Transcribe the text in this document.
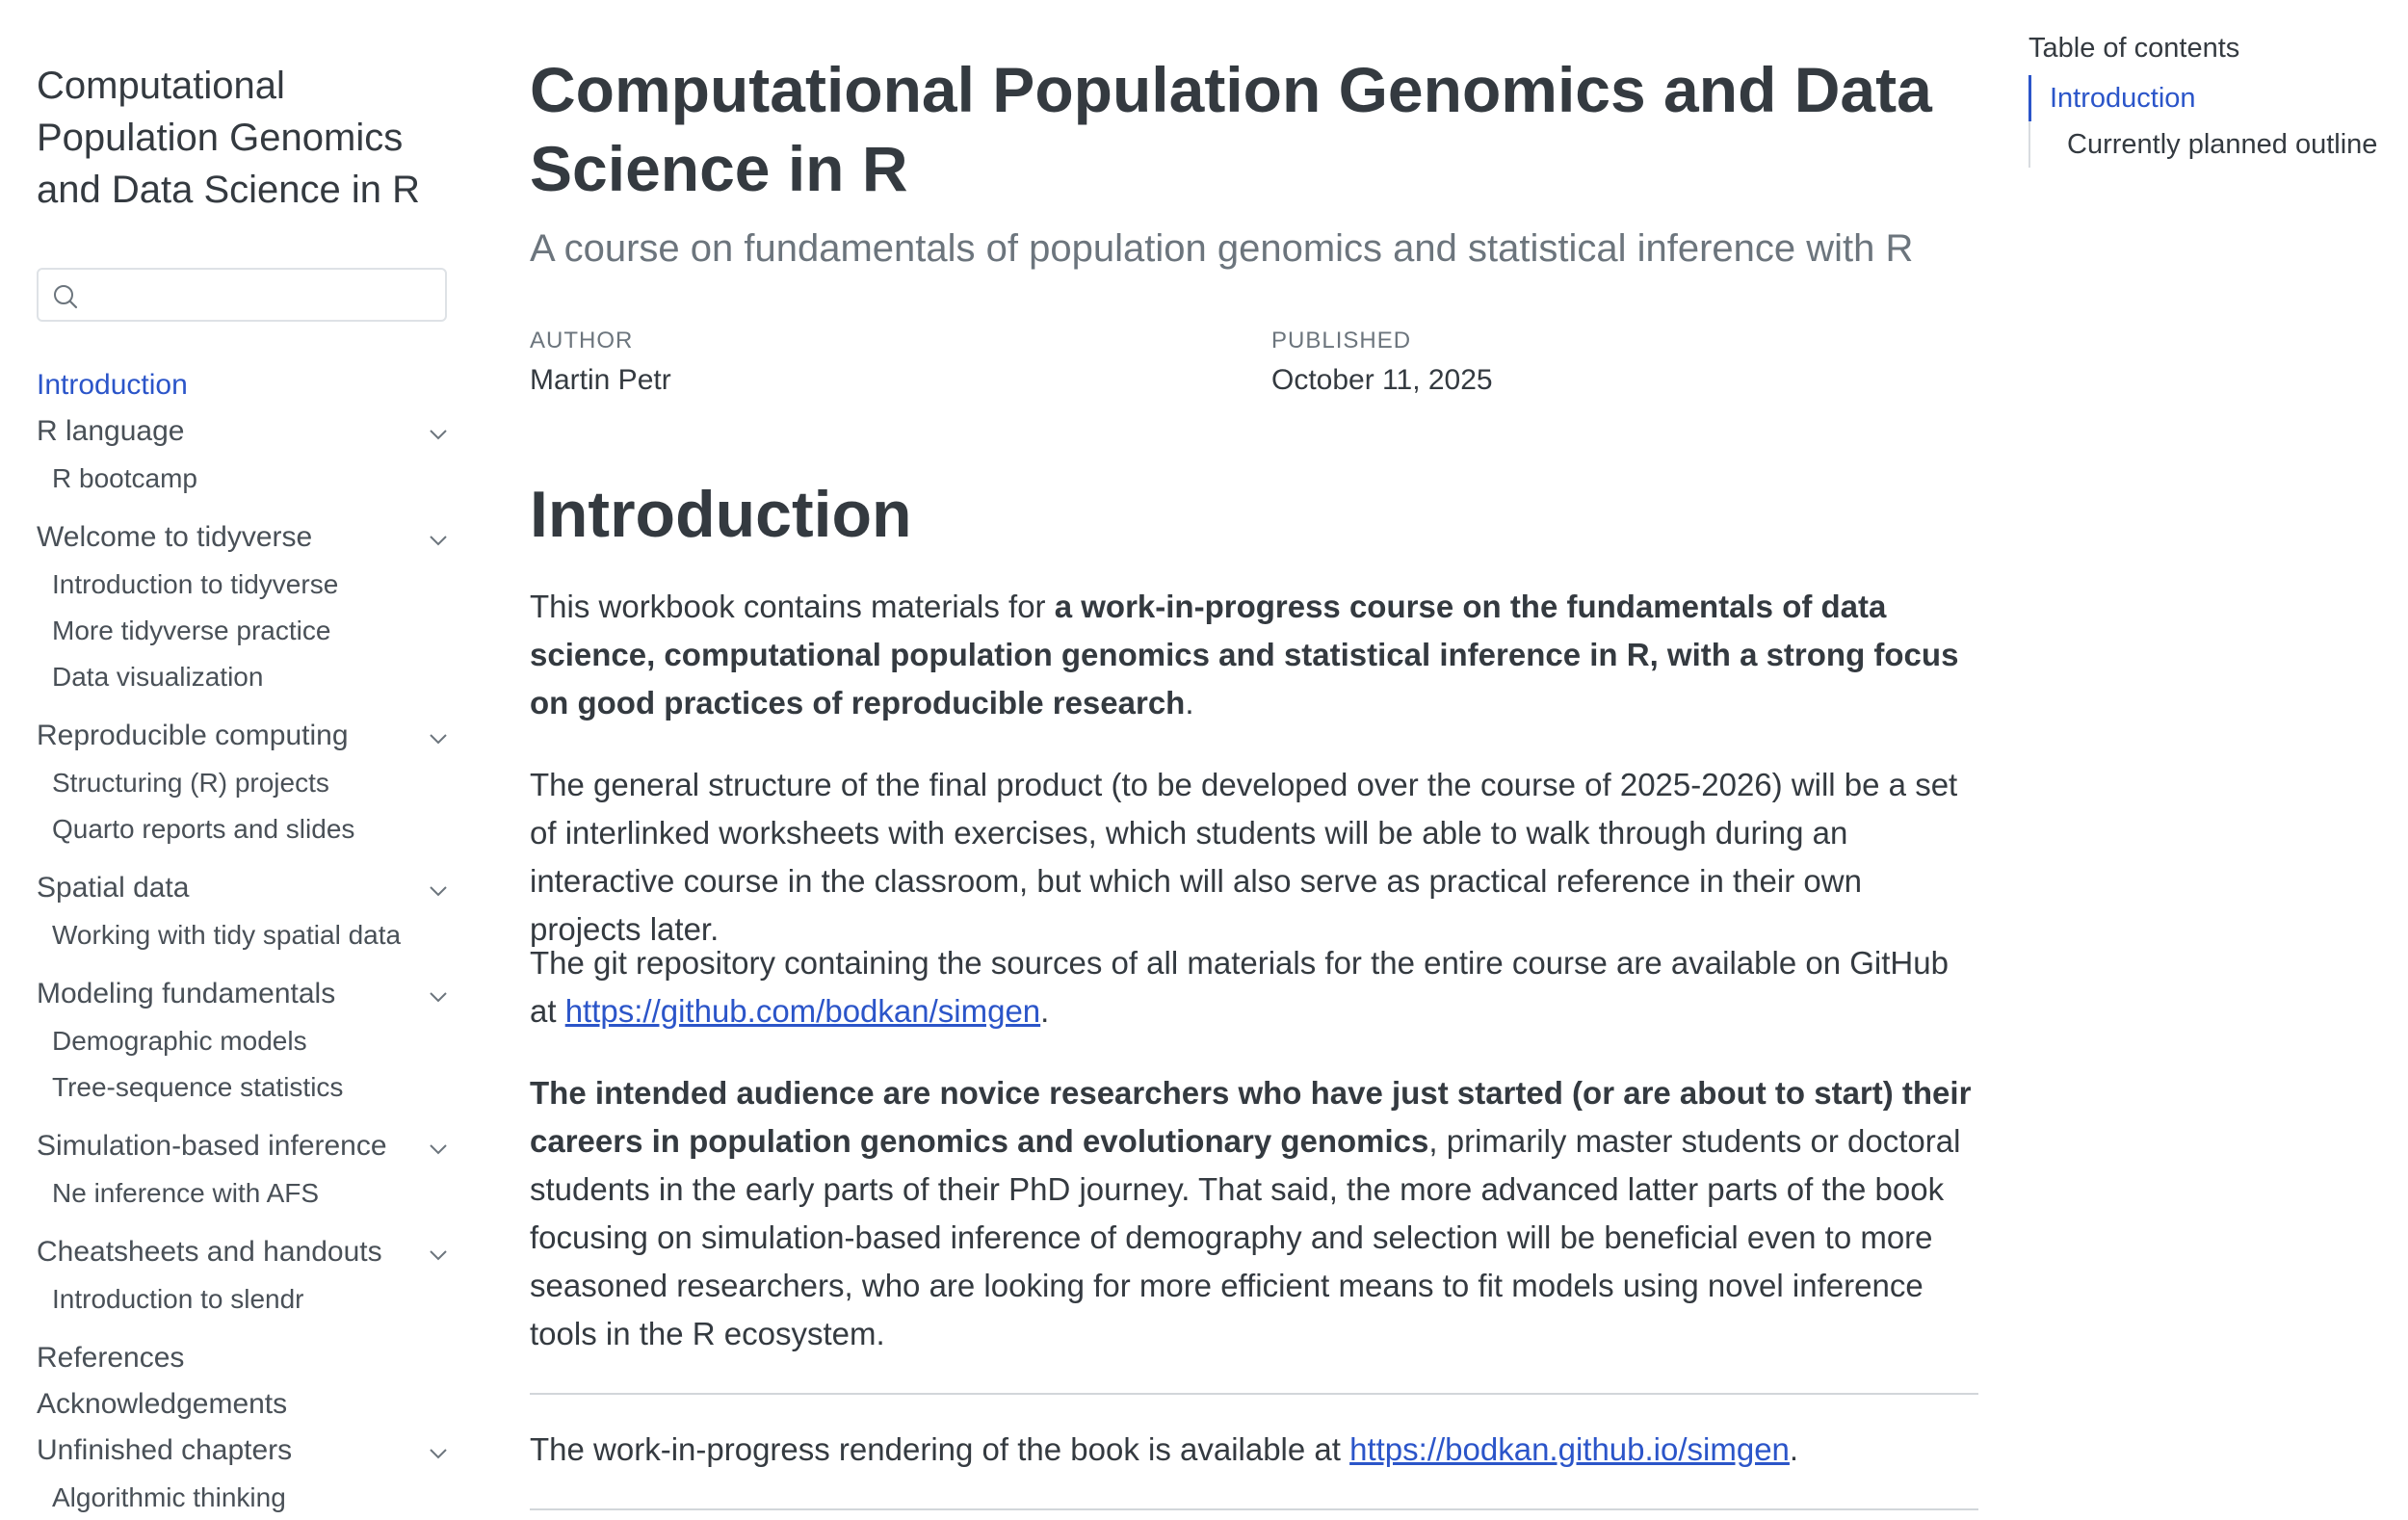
Computational Population Genomics and Data Science in R
Introduction
R language
R bootcamp
Welcome to tidyverse
Introduction to tidyverse
More tidyverse practice
Data visualization
Reproducible computing
Structuring (R) projects
Quarto reports and slides
Spatial data
Working with tidy spatial data
Modeling fundamentals
Demographic models
Tree-sequence statistics
Simulation-based inference
Ne inference with AFS
Cheatsheets and handouts
Introduction to slendr
References
Acknowledgements
Unfinished chapters
Algorithmic thinking
Computational Population Genomics and Data Science in R
A course on fundamentals of population genomics and statistical inference with R
AUTHOR
Martin Petr
PUBLISHED
October 11, 2025
Introduction

This workbook contains materials for a work-in-progress course on the fundamentals of data science, computational population genomics and statistical inference in R, with a strong focus on good practices of reproducible research.

The general structure of the final product (to be developed over the course of 2025-2026) will be a set of interlinked worksheets with exercises, which students will be able to walk through during an interactive course in the classroom, but which will also serve as practical reference in their own projects later.

The git repository containing the sources of all materials for the entire course are available on GitHub at https://github.com/bodkan/simgen.

The intended audience are novice researchers who have just started (or are about to start) their careers in population genomics and evolutionary genomics, primarily master students or doctoral students in the early parts of their PhD journey. That said, the more advanced latter parts of the book focusing on simulation-based inference of demography and selection will be beneficial even to more seasoned researchers, who are looking for more efficient means to fit models using novel inference tools in the R ecosystem.

The work-in-progress rendering of the book is available at https://bodkan.github.io/simgen.

Table of contents
Introduction
Currently planned outline
